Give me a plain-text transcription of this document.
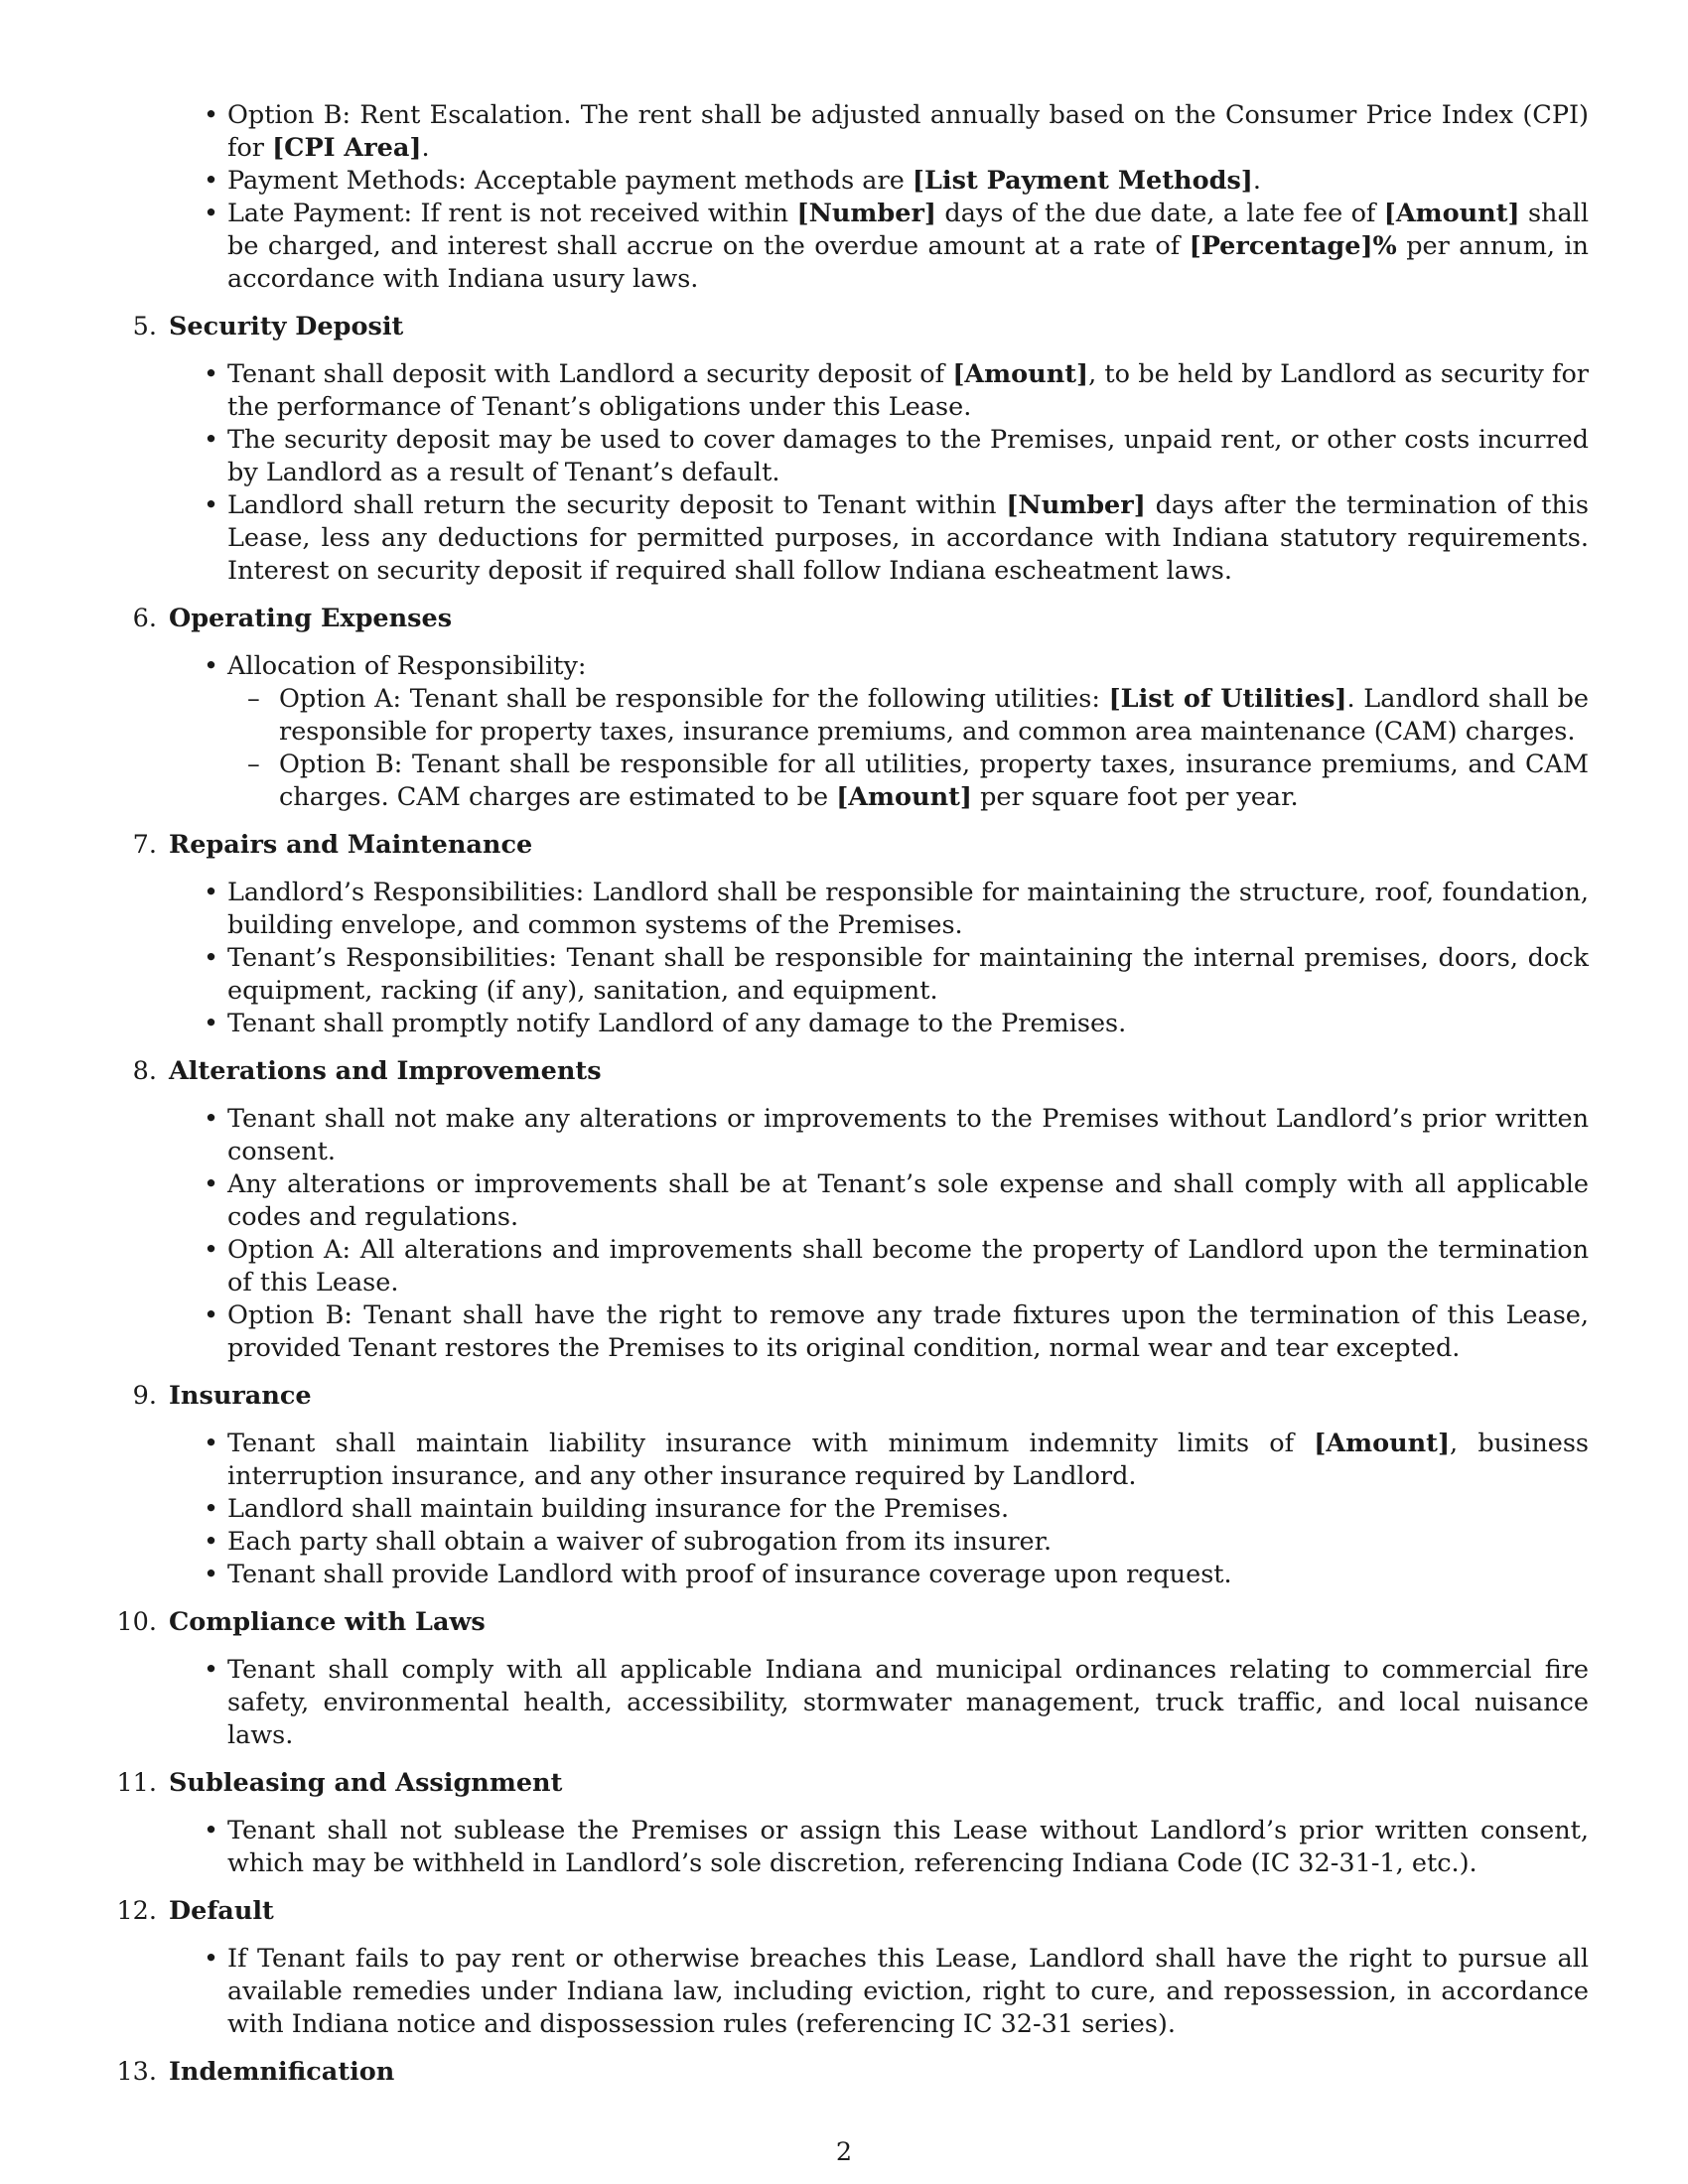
• Option B: Rent Escalation. The rent shall be adjusted annually based on the Consumer Price Index (CPI) for [CPI Area].
• Payment Methods: Acceptable payment methods are [List Payment Methods].
• Late Payment: If rent is not received within [Number] days of the due date, a late fee of [Amount] shall be charged, and interest shall accrue on the overdue amount at a rate of [Percentage]% per annum, in accordance with Indiana usury laws.
5. Security Deposit
• Tenant shall deposit with Landlord a security deposit of [Amount], to be held by Landlord as security for the performance of Tenant’s obligations under this Lease.
• The security deposit may be used to cover damages to the Premises, unpaid rent, or other costs incurred by Landlord as a result of Tenant’s default.
• Landlord shall return the security deposit to Tenant within [Number] days after the termination of this Lease, less any deductions for permitted purposes, in accordance with Indiana statutory requirements. Interest on security deposit if required shall follow Indiana escheatment laws.
6. Operating Expenses
• Allocation of Responsibility:
– Option A: Tenant shall be responsible for the following utilities: [List of Utilities]. Landlord shall be responsible for property taxes, insurance premiums, and common area maintenance (CAM) charges.
– Option B: Tenant shall be responsible for all utilities, property taxes, insurance premiums, and CAM charges. CAM charges are estimated to be [Amount] per square foot per year.
7. Repairs and Maintenance
• Landlord’s Responsibilities: Landlord shall be responsible for maintaining the structure, roof, foundation, building envelope, and common systems of the Premises.
• Tenant’s Responsibilities: Tenant shall be responsible for maintaining the internal premises, doors, dock equipment, racking (if any), sanitation, and equipment.
• Tenant shall promptly notify Landlord of any damage to the Premises.
8. Alterations and Improvements
• Tenant shall not make any alterations or improvements to the Premises without Landlord’s prior written consent.
• Any alterations or improvements shall be at Tenant’s sole expense and shall comply with all applicable codes and regulations.
• Option A: All alterations and improvements shall become the property of Landlord upon the termination of this Lease.
• Option B: Tenant shall have the right to remove any trade fixtures upon the termination of this Lease, provided Tenant restores the Premises to its original condition, normal wear and tear excepted.
9. Insurance
• Tenant shall maintain liability insurance with minimum indemnity limits of [Amount], business interruption insurance, and any other insurance required by Landlord.
• Landlord shall maintain building insurance for the Premises.
• Each party shall obtain a waiver of subrogation from its insurer.
• Tenant shall provide Landlord with proof of insurance coverage upon request.
10. Compliance with Laws
• Tenant shall comply with all applicable Indiana and municipal ordinances relating to commercial fire safety, environmental health, accessibility, stormwater management, truck traffic, and local nuisance laws.
11. Subleasing and Assignment
• Tenant shall not sublease the Premises or assign this Lease without Landlord’s prior written consent, which may be withheld in Landlord’s sole discretion, referencing Indiana Code (IC 32-31-1, etc.).
12. Default
• If Tenant fails to pay rent or otherwise breaches this Lease, Landlord shall have the right to pursue all available remedies under Indiana law, including eviction, right to cure, and repossession, in accordance with Indiana notice and dispossession rules (referencing IC 32-31 series).
13. Indemnification
2
